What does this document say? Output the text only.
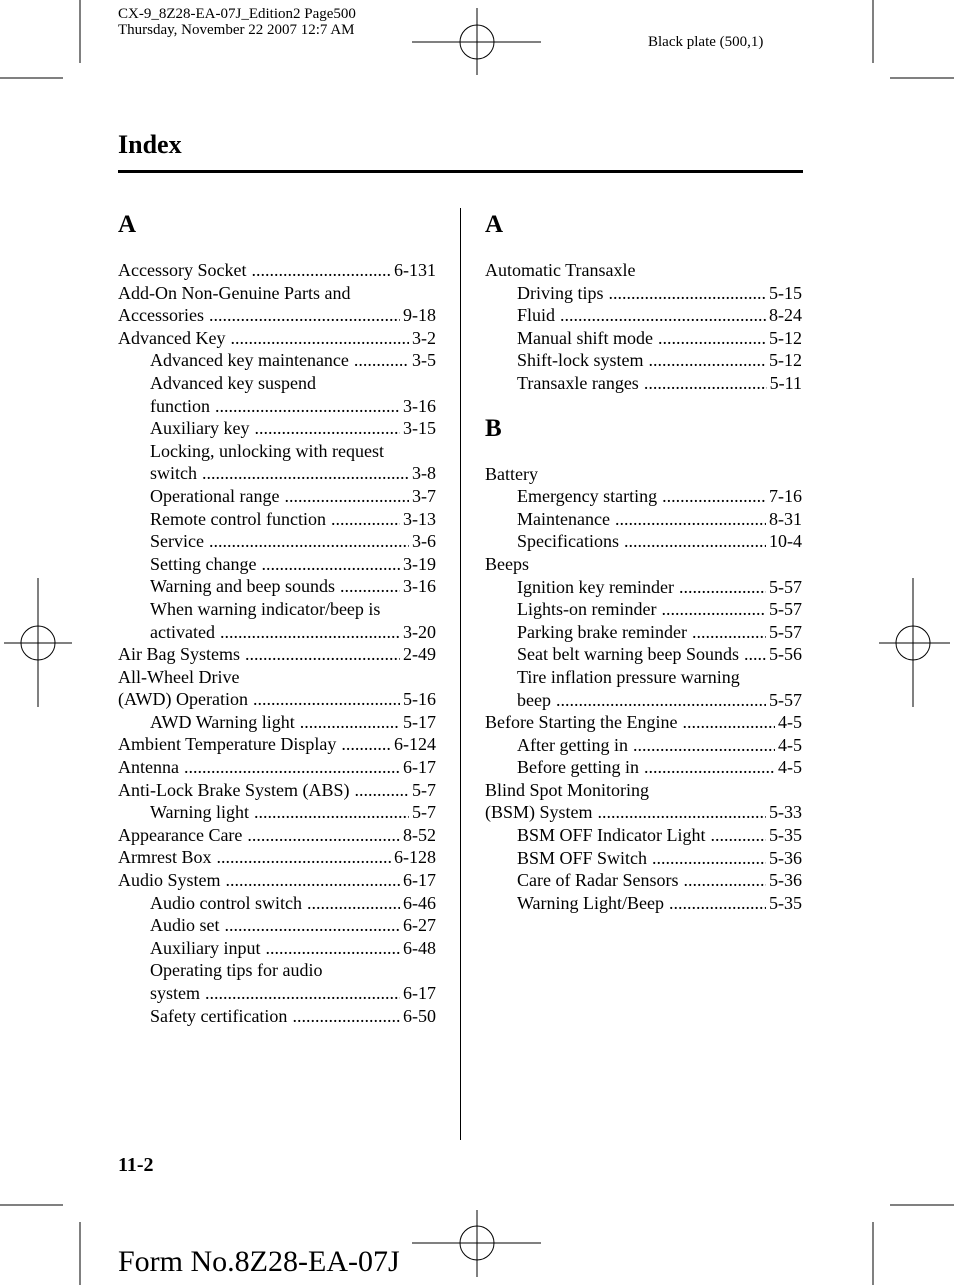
CX-9_8Z28-EA-07J_Edition2 Page500
Thursday, November 22 2007 12:7 AM
Black plate (500,1)
Index
A
Accessory Socket .....	6-131
Add-On Non-Genuine Parts and
Accessories .....	9-18
Advanced Key .....	3-2
Advanced key maintenance .....	3-5
Advanced key suspend
function .....	3-16
Auxiliary key .....	3-15
Locking, unlocking with request
switch .....	3-8
Operational range .....	3-7
Remote control function .....	3-13
Service .....	3-6
Setting change .....	3-19
Warning and beep sounds .....	3-16
When warning indicator/beep is
activated .....	3-20
Air Bag Systems .....	2-49
All-Wheel Drive
(AWD) Operation .....	5-16
AWD Warning light .....	5-17
Ambient Temperature Display .....	6-124
Antenna .....	6-17
Anti-Lock Brake System (ABS) .....	5-7
Warning light .....	5-7
Appearance Care .....	8-52
Armrest Box .....	6-128
Audio System .....	6-17
Audio control switch .....	6-46
Audio set .....	6-27
Auxiliary input .....	6-48
Operating tips for audio
system .....	6-17
Safety certification .....	6-50
A
Automatic Transaxle
Driving tips .....	5-15
Fluid .....	8-24
Manual shift mode .....	5-12
Shift-lock system .....	5-12
Transaxle ranges .....	5-11
B
Battery
Emergency starting .....	7-16
Maintenance .....	8-31
Specifications .....	10-4
Beeps
Ignition key reminder .....	5-57
Lights-on reminder .....	5-57
Parking brake reminder .....	5-57
Seat belt warning beep Sounds ..... 5-56
Tire inflation pressure warning
beep .....	5-57
Before Starting the Engine .....	4-5
After getting in .....	4-5
Before getting in .....	4-5
Blind Spot Monitoring
(BSM) System .....	5-33
BSM OFF Indicator Light .....	5-35
BSM OFF Switch .....	5-36
Care of Radar Sensors .....	5-36
Warning Light/Beep .....	5-35
11-2
Form No.8Z28-EA-07J
